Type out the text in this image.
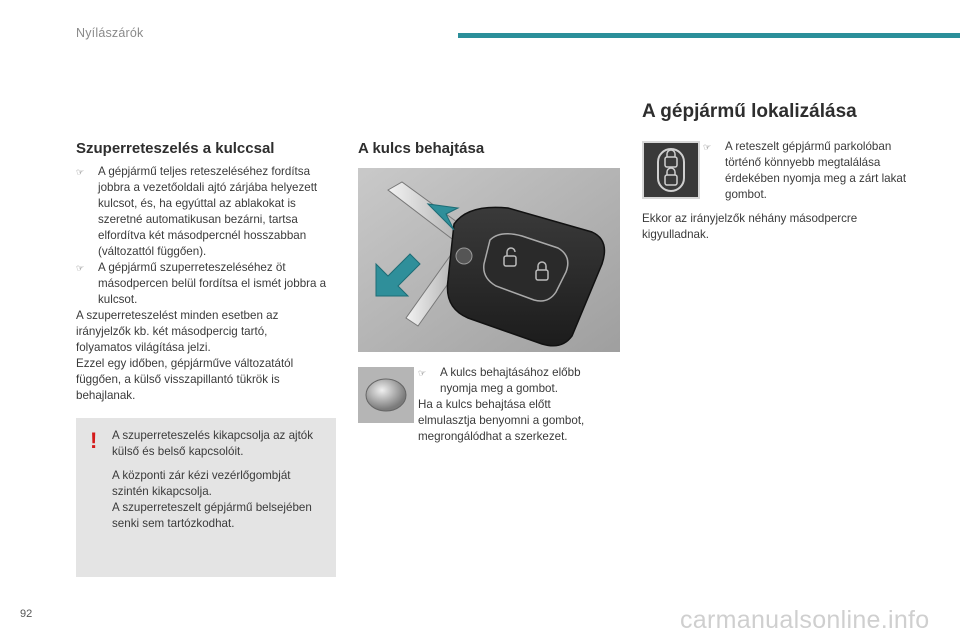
Nyílászárók
A gépjármű lokalizálása
Szuperreteszelés a kulccsal
☞ A gépjármű teljes reteszeléséhez fordítsa jobbra a vezetőoldali ajtó zárjába helyezett kulcsot, és, ha egyúttal az ablakokat is szeretné automatikusan bezárni, tartsa elfordítva két másodpercnél hosszabban (változattól függően).
☞ A gépjármű szuperreteszeléséhez öt másodpercen belül fordítsa el ismét jobbra a kulcsot.
A szuperreteszelést minden esetben az irányjelzők kb. két másodpercig tartó, folyamatos világítása jelzi.
Ezzel egy időben, gépjárművе változatától függően, a külső visszapillantó tükrök is behajlanak.
! A szuperreteszelés kikapcsolja az ajtók külső és belső kapcsolóit.
A központi zár kézi vezérlőgombját szintén kikapcsolja.
A szuperreteszelt gépjármű belsejében senki sem tartózkodhat.
A kulcs behajtása
☞ A kulcs behajtásához előbb nyomja meg a gombot.
Ha a kulcs behajtása előtt elmulasztja benyomni a gombot, megrongálódhat a szerkezet.
☞ A reteszelt gépjármű parkolóban történő könnyebb megtalálása érdekében nyomja meg a zárt lakat gombot.
Ekkor az irányjelzők néhány másodpercre kigyulladnak.
92	carmanualsonline.info
